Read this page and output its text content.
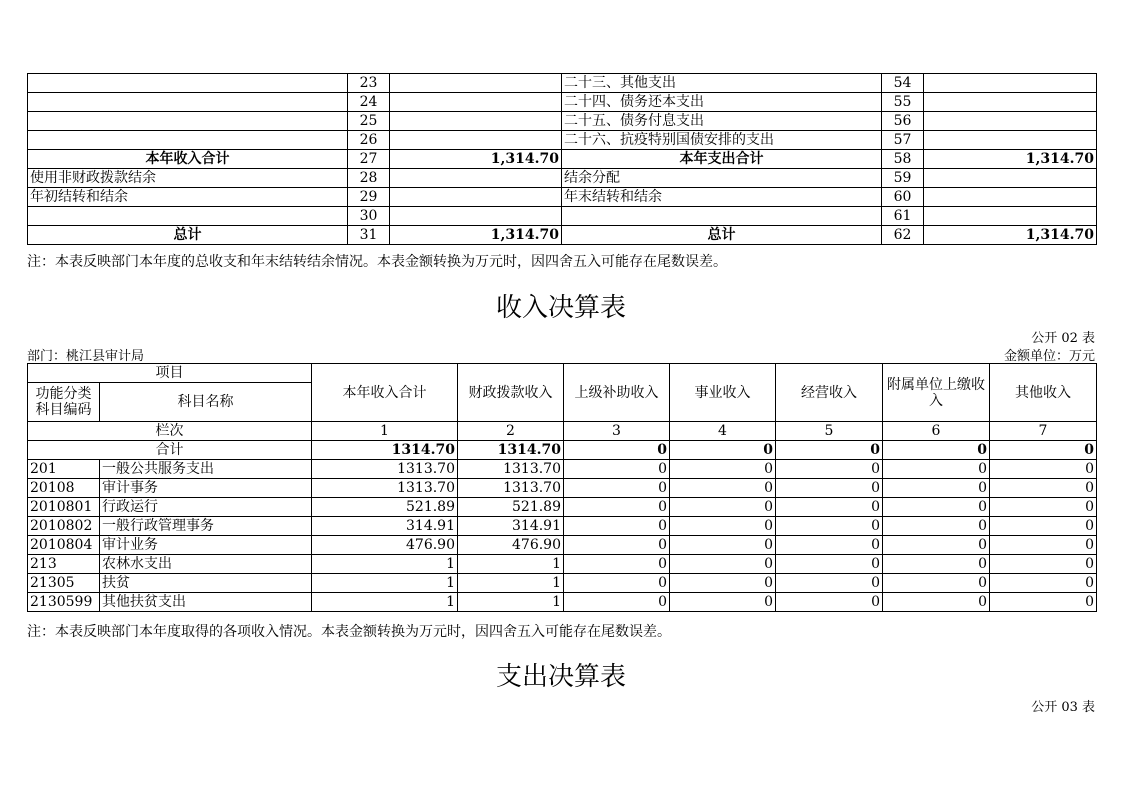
	23		二十三、其他支出	54	
	24		二十四、债务还本支出	55	
	25		二十五、债务付息支出	56	
	26		二十六、抗疫特别国债安排的支出	57	
本年收入合计	27	1,314.70	本年支出合计	58	1,314.70
使用非财政拨款结余	28		结余分配	59	
年初结转和结余	29		年末结转和结余	60	
	30			61	
总计	31	1,314.70	总计	62	1,314.70
注：本表反映部门本年度的总收支和年末结转结余情况。本表金额转换为万元时，因四舍五入可能存在尾数误差。
收入决算表
公开 02 表
部门：桃江县审计局	金额单位：万元
项目		本年收入合计	财政拨款收入	上级补助收入	事业收入	经营收入	附属单位上缴收入	其他收入
功能分类
科目编码	科目名称							
栏次		1	2	3	4	5	6	7
合计		1314.70	1314.70	0	0	0	0	0
201	一般公共服务支出	1313.70	1313.70	0	0	0	0	0
20108	审计事务	1313.70	1313.70	0	0	0	0	0
2010801	行政运行	521.89	521.89	0	0	0	0	0
2010802	一般行政管理事务	314.91	314.91	0	0	0	0	0
2010804	审计业务	476.90	476.90	0	0	0	0	0
213	农林水支出	1	1	0	0	0	0	0
21305	扶贫	1	1	0	0	0	0	0
2130599	其他扶贫支出	1	1	0	0	0	0	0
注：本表反映部门本年度取得的各项收入情况。本表金额转换为万元时，因四舍五入可能存在尾数误差。
支出决算表
公开 03 表
